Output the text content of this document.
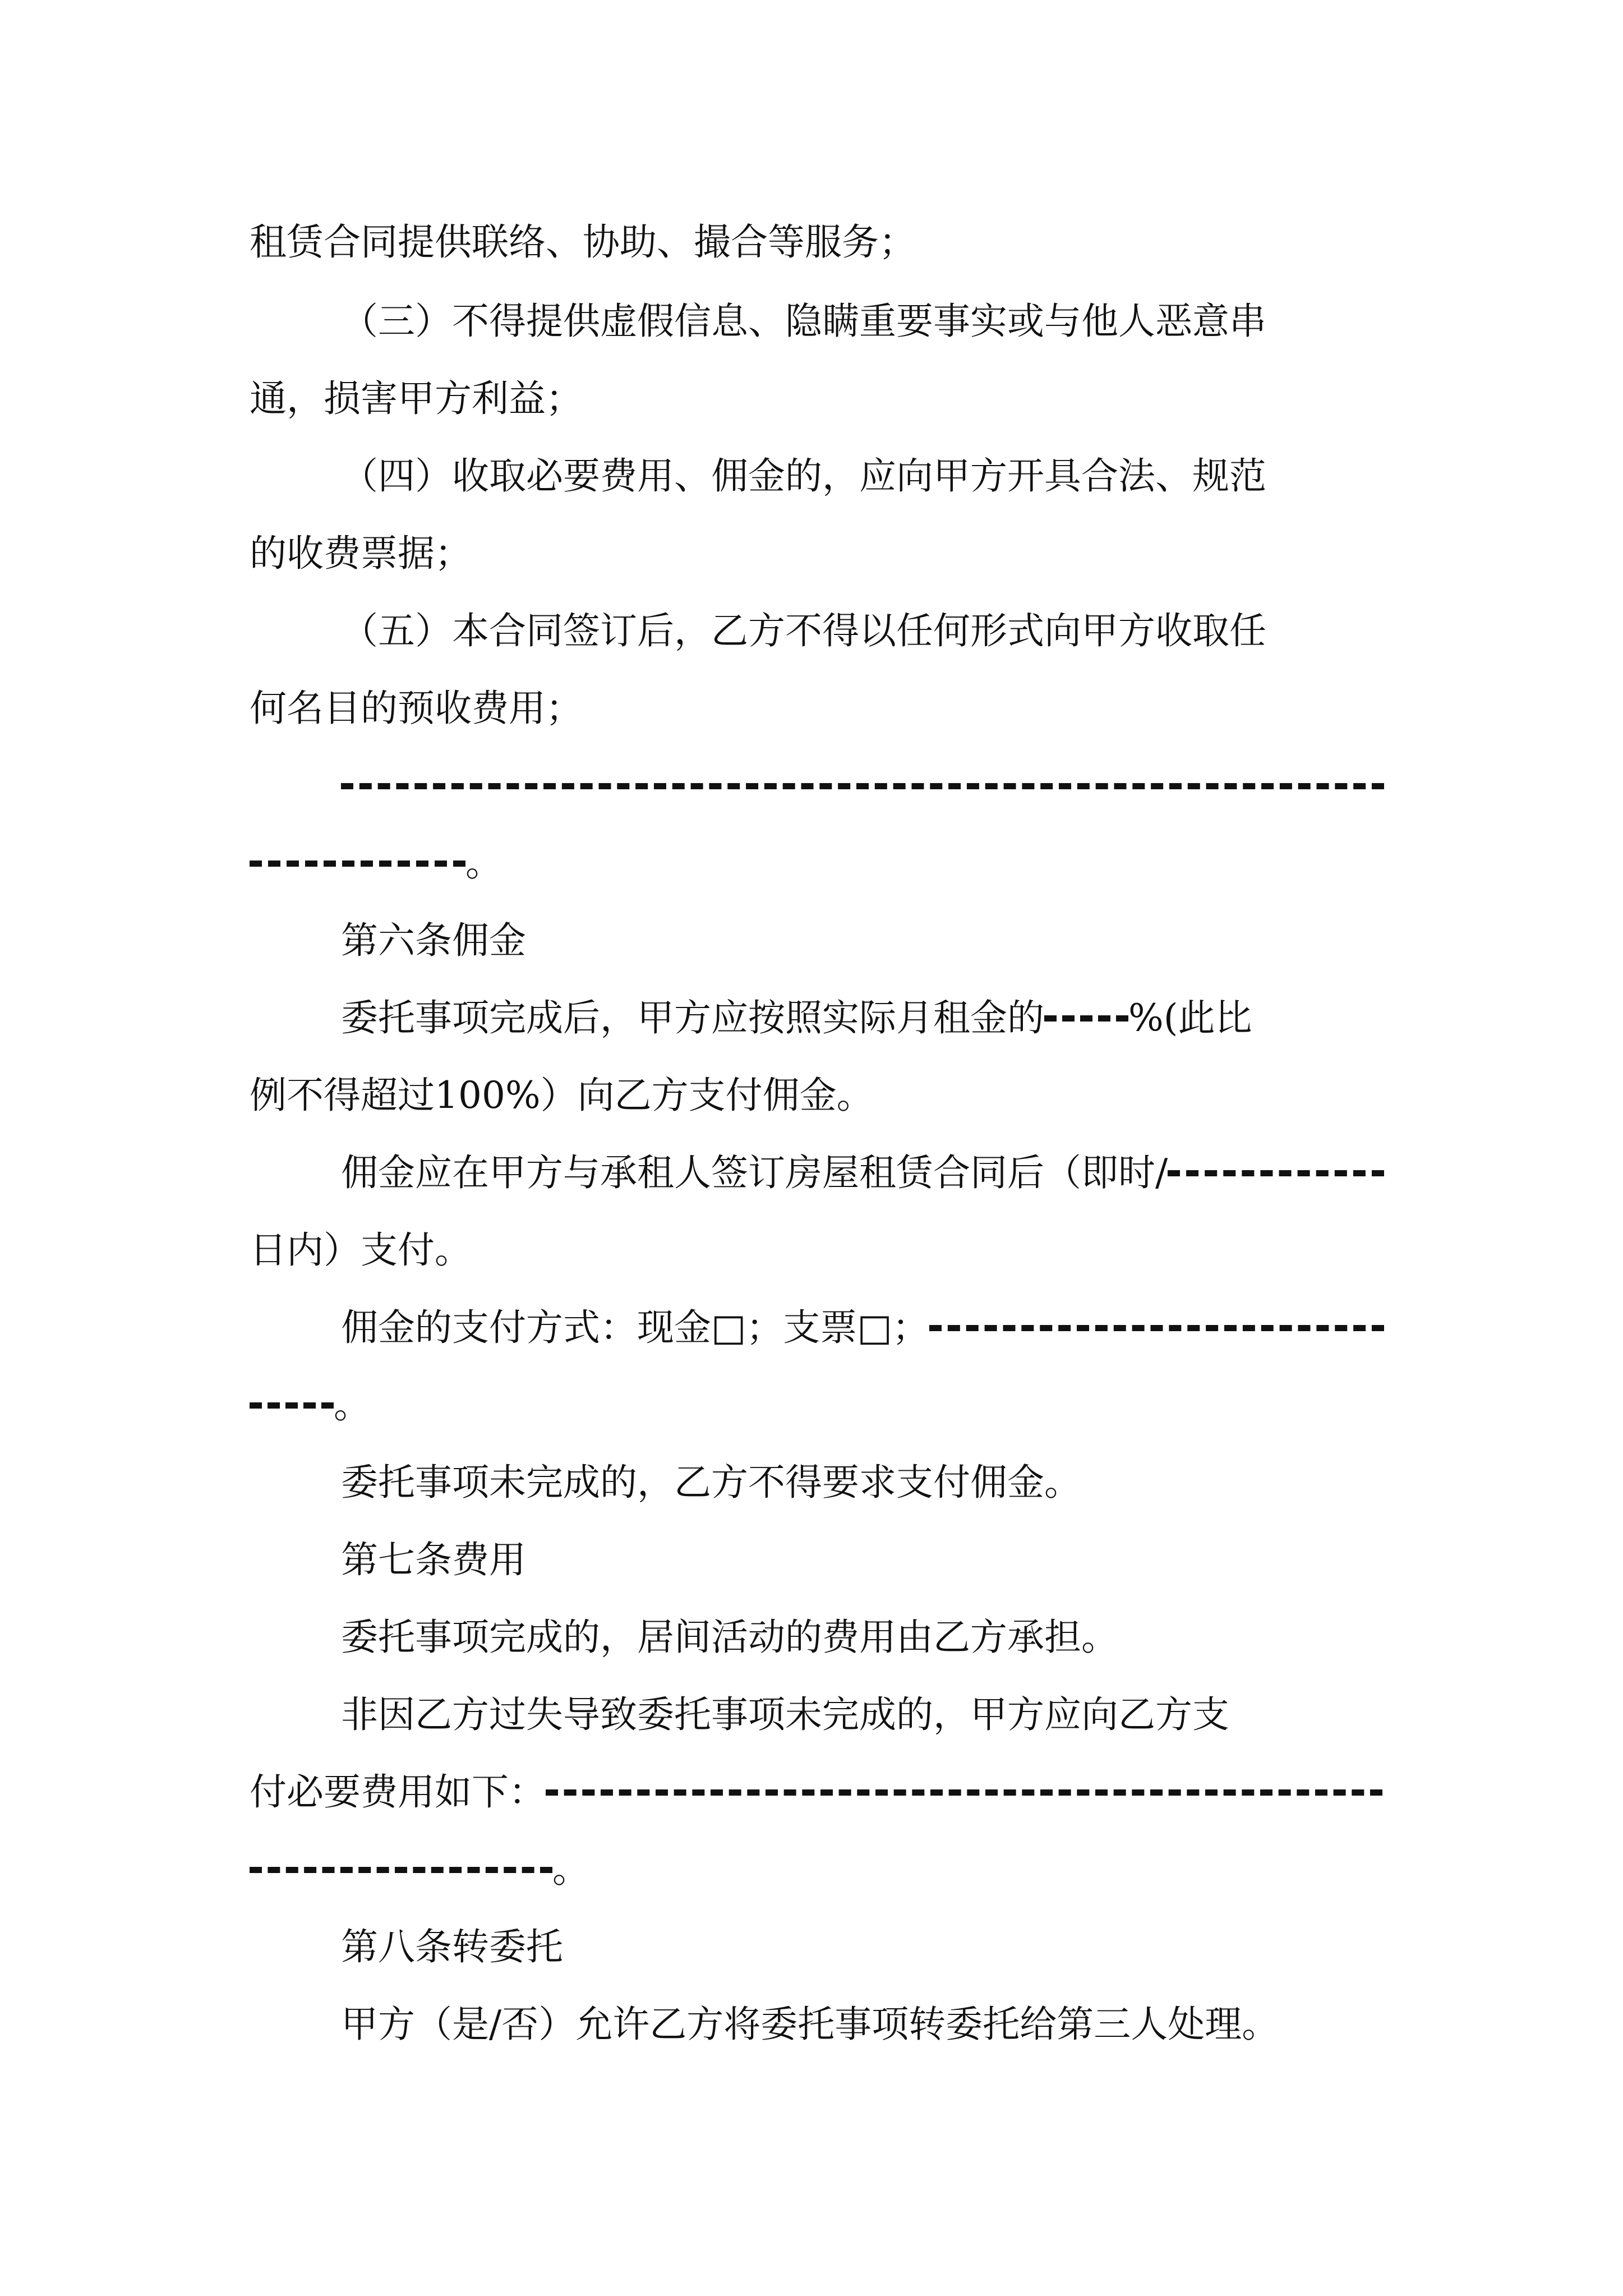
租赁合同提供联络、协助、撮合等服务；
（三）不得提供虚假信息、隐瞒重要事实或与他人恶意串
通，损害甲方利益；
（四）收取必要费用、佣金的，应向甲方开具合法、规范
的收费票据；
（五）本合同签订后，乙方不得以任何形式向甲方收取任
何名目的预收费用；
。
第六条佣金
委托事项完成后，甲方应按照实际月租金的 %(此比
例不得超过100%）向乙方支付佣金。
佣金应在甲方与承租人签订房屋租赁合同后（即时/
日内）支付。
佣金的支付方式：现金□；支票□；
。
委托事项未完成的，乙方不得要求支付佣金。
第七条费用
委托事项完成的，居间活动的费用由乙方承担。
非因乙方过失导致委托事项未完成的，甲方应向乙方支
付必要费用如下：
。
第八条转委托
甲方（是/否）允许乙方将委托事项转委托给第三人处理。
